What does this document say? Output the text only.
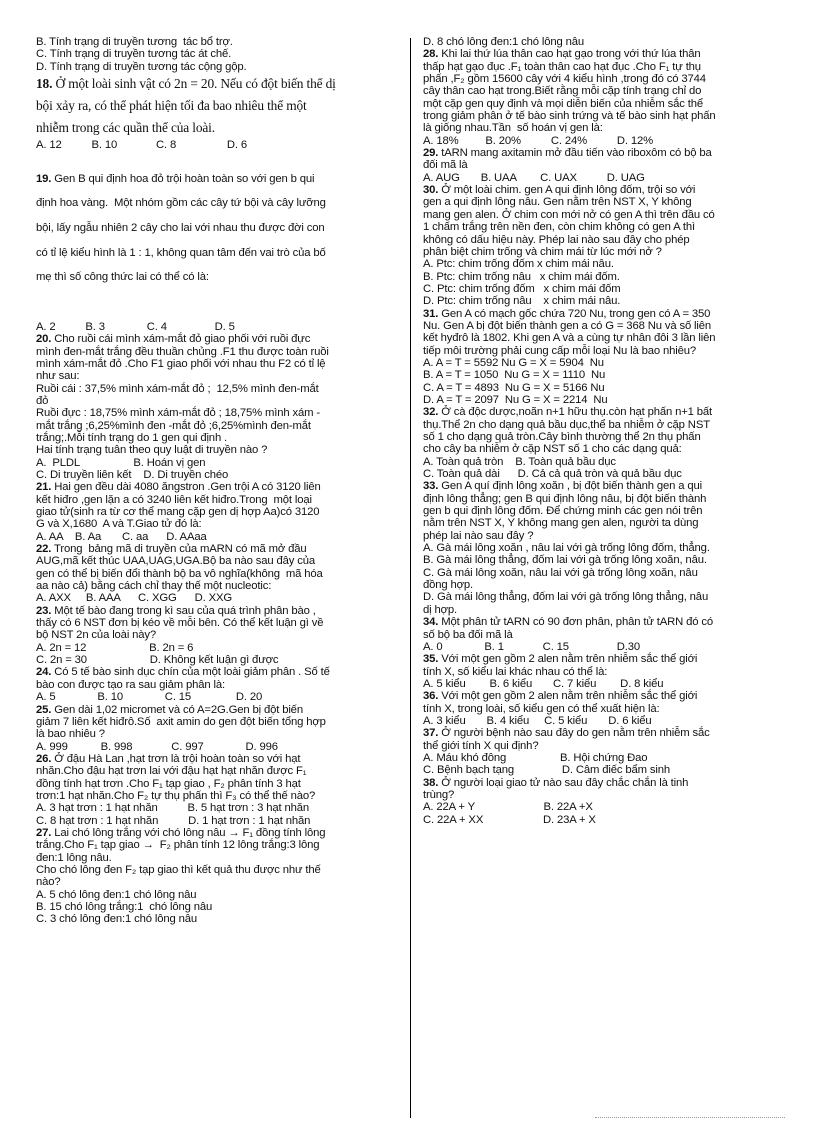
B. Tính trạng di truyền tương  tác bổ trợ.
C. Tính trạng di truyền tương tác át chế.
D. Tính trạng di truyền tương tác cộng gộp.
18. Ở một loài sinh vật có 2n = 20. Nếu có đột biến thể dị
bội xảy ra, có thể phát hiện tối đa bao nhiêu thể một
nhiễm trong các quần thể của loài.
A. 12          B. 10             C. 8                 D. 6
19. Gen B qui định hoa đỏ trội hoàn toàn so với gen b qui
định hoa vàng.  Một nhóm gồm các cây tứ bội và cây lưỡng
bội, lấy ngẫu nhiên 2 cây cho lai với nhau thu được đời con
có tỉ lệ kiểu hình là 1 : 1, không quan tâm đến vai trò của bố
mẹ thì số công thức lai có thể có là:
A. 2          B. 3              C. 4                D. 5
20. Cho ruồi cái mình xám-mắt đỏ giao phối với ruồi đực
mình đen-mắt trắng đều thuần chủng .F1 thu được toàn ruồi
mình xám-mắt đỏ .Cho F1 giao phối với nhau thu F2 có tỉ lệ
như sau:
Ruồi cái : 37,5% mình xám-mắt đỏ ;  12,5% mình đen-mắt
đỏ
Ruồi đực : 18,75% mình xám-mắt đỏ ; 18,75% mình xám -
mắt trắng ;6,25%mình đen -mắt đỏ ;6,25%mình đen-mắt
trắng;.Mỗi tính trạng do 1 gen qui định .
Hai tính trạng tuân theo quy luật di truyền nào ?
A.  PLDL                  B. Hoán vị gen
C. Di truyền liên kết    D. Di truyền chéo
21. Hai gen đều dài 4080 ăngstron .Gen trội A có 3120 liên
kết hiđro ,gen lặn a có 3240 liên kết hiđro.Trong  một loại
giao tử(sinh ra từ cơ thể mang cặp gen dị hợp Aa)có 3120
G và X,1680  A và T.Giao tử đó là:
A. AA    B. Aa       C. aa      D. AAaa
22. Trong  bảng mã di truyền của mARN có mã mở đầu
AUG,mã kết thúc UAA,UAG,UGA.Bộ ba nào sau đây của
gen có thể bị biến đổi thành bộ ba vô nghĩa(không  mã hóa
aa nào cả) bằng cách chỉ thay thế một nucleotic:
A. AXX     B. AAA      C. XGG      D. XXG
23. Một tế bào đang trong kì sau của quá trình phân bào ,
thấy có 6 NST đơn bị kéo về mỗi bên. Có thể kết luận gì về
bộ NST 2n của loài này?
A. 2n = 12                     B. 2n = 6
C. 2n = 30                     D. Không kết luận gì được
24. Có 5 tế bào sinh dục chín của một loài giảm phân . Số tế
bào con được tạo ra sau giảm phân là:
A. 5              B. 10              C. 15               D. 20
25. Gen dài 1,02 micromet và có A=2G.Gen bị đột biến
giảm 7 liên kết hiđrô.Số  axit amin do gen đột biến tổng hợp
là bao nhiêu ?
A. 999           B. 998             C. 997              D. 996
26. Ở đậu Hà Lan ,hạt trơn là trội hoàn toàn so với hạt
nhăn.Cho đậu hạt trơn lai với đậu hạt hạt nhăn được F₁
đồng tính hạt trơn .Cho F₁ tạp giao , F₂ phân tính 3 hạt
trơn:1 hạt nhăn.Cho F₂ tự thụ phấn thì F₃ có thể thế nào?
A. 3 hạt trơn : 1 hạt nhăn          B. 5 hạt trơn : 3 hạt nhăn
C. 8 hạt trơn : 1 hạt nhăn          D. 1 hạt trơn : 1 hạt nhăn
27. Lai chó lông trắng với chó lông nâu → F₁ đồng tính lông
trắng.Cho F₁ tạp giao →  F₂ phân tính 12 lông trắng:3 lông
đen:1 lông nâu.
Cho chó lông đen F₂ tạp giao thì kết quả thu được như thế
nào?
A. 5 chó lông đen:1 chó lông nâu
B. 15 chó lông trắng:1  chó lông nâu
C. 3 chó lông đen:1 chó lông nâu
D. 8 chó lông đen:1 chó lông nâu
28. Khi lai thứ lúa thân cao hạt gạo trong với thứ lúa thân
thấp hạt gạo đục .F₁ toàn thân cao hạt đục .Cho F₁ tự thụ
phấn ,F₂ gồm 15600 cây với 4 kiểu hình ,trong đó có 3744
cây thân cao hạt trong.Biết rằng mỗi cặp tính trạng chỉ do
một cặp gen quy định và mọi diễn biến của nhiễm sắc thể
trong giảm phân ở tế bào sinh trứng và tế bào sinh hạt phấn
là giống nhau.Tần  số hoán vị gen là:
A. 18%         B. 20%          C. 24%          D. 12%
29. tARN mang axitamin mở đầu tiến vào riboxôm có bộ ba
đối mã là
A. AUG       B. UAA        C. UAX          D. UAG
30. Ở một loài chim. gen A qui định lông đốm, trội so với
gen a qui định lông nâu. Gen nằm trên NST X, Y không
mang gen alen. Ở chim con mới nở có gen A thì trên đầu có
1 chấm trắng trên nền đen, còn chim không có gen A thì
không có dấu hiệu này. Phép lai nào sau đây cho phép
phân biệt chim trống và chim mái từ lúc mới nở ?
A. Ptc: chim trống đốm x chim mái nâu.
B. Ptc: chim trống nâu   x chim mái đốm.
C. Ptc: chim trống đốm   x chim mái đốm
D. Ptc: chim trống nâu    x chim mái nâu.
31. Gen A có mạch gốc chứa 720 Nu, trong gen có A = 350
Nu. Gen A bị đột biến thành gen a có G = 368 Nu và số liên
kết hyđrô là 1802. Khi gen A và a cùng tự nhân đôi 3 lần liên
tiếp môi trường phải cung cấp mỗi loại Nu là bao nhiêu?
A. A = T = 5592 Nu G = X = 5904  Nu
B. A = T = 1050  Nu G = X = 1110  Nu
C. A = T = 4893  Nu G = X = 5166 Nu
D. A = T = 2097  Nu G = X = 2214  Nu
32. Ở cà độc dược,noãn n+1 hữu thụ.còn hạt phấn n+1 bất
thụ.Thể 2n cho dạng quả bầu dục,thể ba nhiễm ở cặp NST
số 1 cho dạng quả tròn.Cây bình thường thể 2n thụ phấn
cho cây ba nhiễm ở cặp NST số 1 cho các dạng quả:
A. Toàn quả tròn    B. Toàn quả bầu dục
C. Toàn quả dài      D. Cả cả quả tròn và quả bầu dục
33. Gen A quí định lông xoăn , bị đột biến thành gen a qui
định lông thẳng; gen B qui định lông nâu, bị đột biến thành
gen b qui định lông đốm. Để chứng minh các gen nói trên
nằm trên NST X, Y không mang gen alen, người ta dùng
phép lai nào sau đây ?
A. Gà mái lông xoăn , nâu lai với gà trống lông đốm, thẳng.
B. Gà mái lông thẳng, đốm lai với gà trống lông xoăn, nâu.
C. Gà mái lông xoăn, nâu lai với gà trống lông xoăn, nâu
đồng hợp.
D. Gà mái lông thẳng, đốm lai với gà trống lông thẳng, nâu
dị hợp.
34. Một phân tử tARN có 90 đơn phân, phân tử tARN đó có
số bộ ba đối mã là
A. 0              B. 1             C. 15                D.30
35. Với một gen gồm 2 alen nằm trên nhiễm sắc thể giới
tính X, số kiểu lai khác nhau có thể là:
A. 5 kiểu        B. 6 kiểu       C. 7 kiểu        D. 8 kiểu
36. Với một gen gồm 2 alen nằm trên nhiễm sắc thể giới
tính X, trong loài, số kiểu gen có thể xuất hiện là:
A. 3 kiểu       B. 4 kiểu     C. 5 kiểu       D. 6 kiểu
37. Ở người bệnh nào sau đây do gen nằm trên nhiễm sắc
thể giới tính X qui định?
A. Máu khó đông                  B. Hội chứng Đao
C. Bệnh bạch tạng                D. Câm điếc bẩm sinh
38. Ở người loại giao tử nào sau đây chắc chắn là tinh
trùng?
A. 22A + Y                       B. 22A +X
C. 22A + XX                    D. 23A + X
